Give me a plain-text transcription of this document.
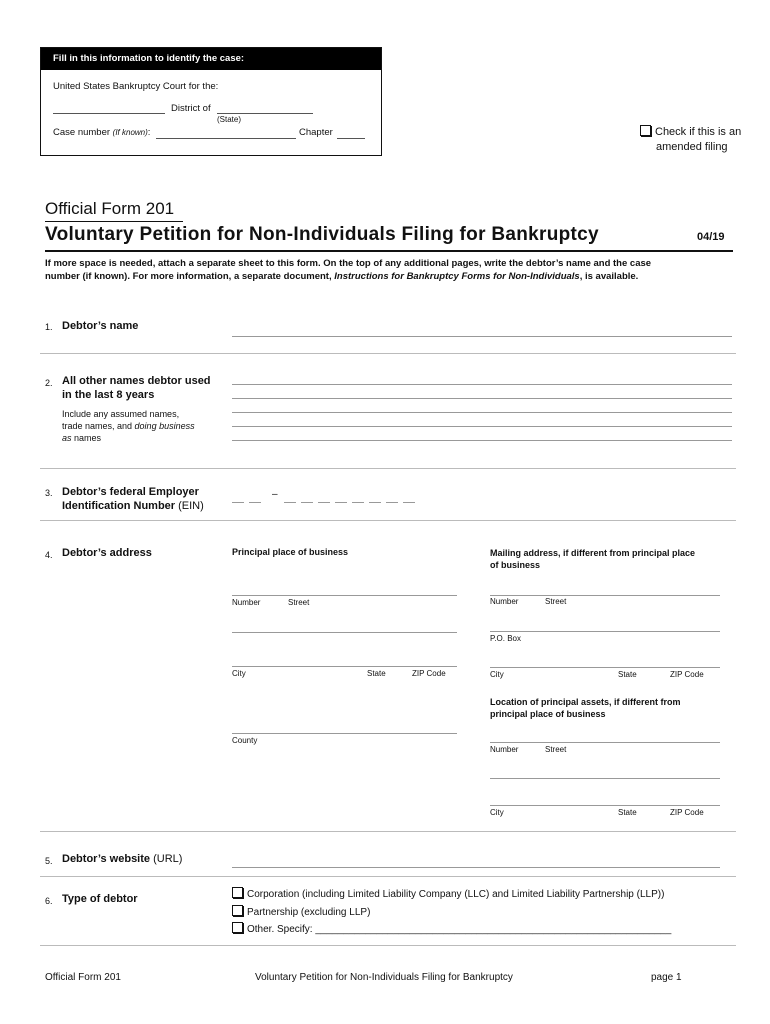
Fill in this information to identify the case:
United States Bankruptcy Court for the:
District of
(State)
Case number (If known):	Chapter	Check if this is an
amended filing
Official Form 201
Voluntary Petition for Non-Individuals Filing for Bankruptcy	04/19
If more space is needed, attach a separate sheet to this form. On the top of any additional pages, write the debtor’s name and the case
number (if known). For more information, a separate document, Instructions for Bankruptcy Forms for Non-Individuals, is available.
1. Debtor’s name
2. All other names debtor used
in the last 8 years
Include any assumed names,
trade names, and doing business
as names
3. Debtor’s federal Employer
Identification Number (EIN)
–
4. Debtor’s address	Principal place of business	Mailing address, if different from principal place
of business
Number	Street
City	State	ZIP Code
County
Number	Street
P.O. Box
City	State	ZIP Code
Location of principal assets, if different from
principal place of business
Number	Street
City	State	ZIP Code
5. Debtor’s website (URL)
6. Type of debtor	Corporation (including Limited Liability Company (LLC) and Limited Liability Partnership (LLP))
Partnership (excluding LLP)
Other. Specify: ________________________________________________________________
Official Form 201	Voluntary Petition for Non-Individuals Filing for Bankruptcy	page 1
